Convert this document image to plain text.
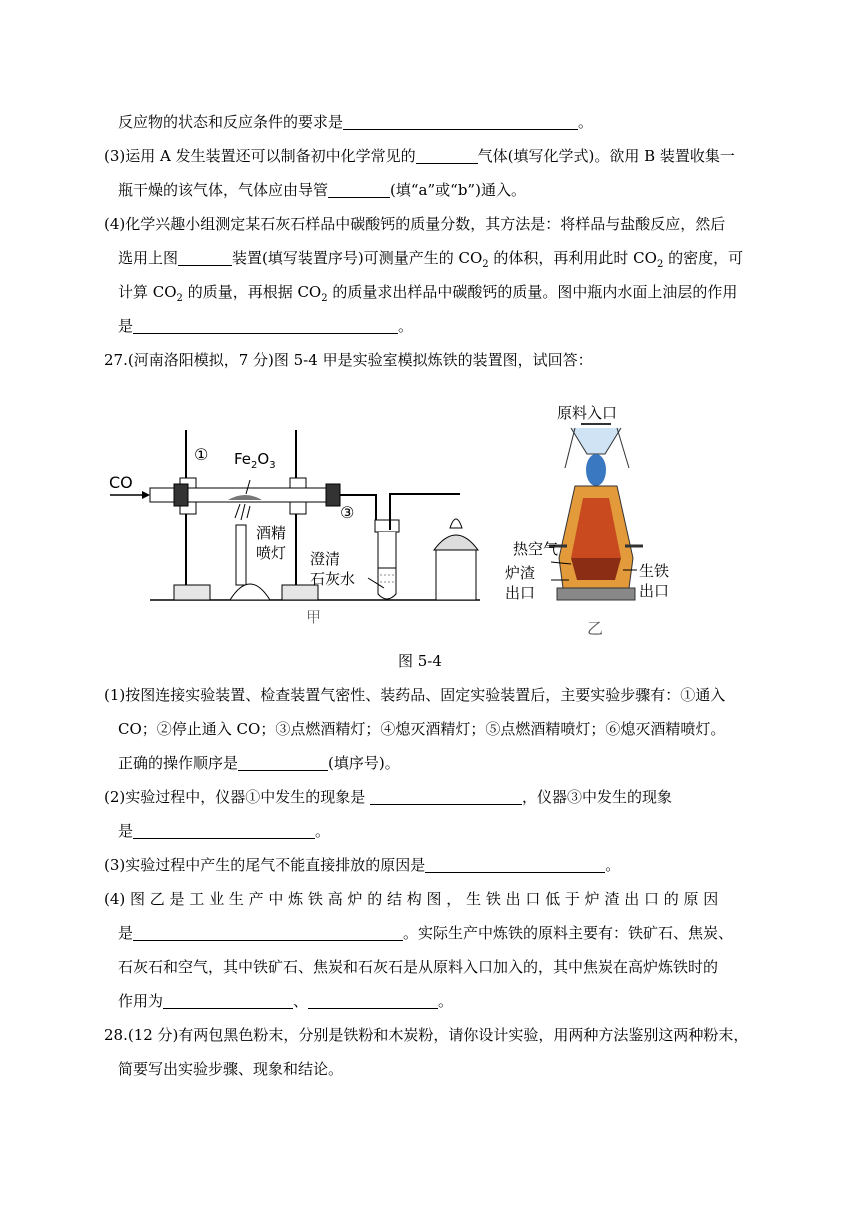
反应物的状态和反应条件的要求是	。
(3)运用 A 发生装置还可以制备初中化学常见的	气体(填写化学式)。欲用 B 装置收集一
瓶干燥的该气体，气体应由导管	(填“a”或“b”)通入。
(4)化学兴趣小组测定某石灰石样品中碳酸钙的质量分数，其方法是：将样品与盐酸反应，然后
选用上图	装置(填写装置序号)可测量产生的 $CO_2$ 的体积，再利用此时 $CO_2$ 的密度，可
计算 $CO_2$ 的质量，再根据 $CO_2$ 的质量求出样品中碳酸钙的质量。图中瓶内水面上油层的作用
是	。
27.(河南洛阳模拟，7 分)图 5-4 甲是实验室模拟炼铁的装置图，试回答：
CO
① $Fe_2O_3$
酒精
喷灯
③
澄清
石灰水
甲
原料入口
热空气
炉渣
出口
生铁
出口
乙
图 5-4
(1)按图连接实验装置、检查装置气密性、装药品、固定实验装置后，主要实验步骤有：①通入
CO；②停止通入 CO；③点燃酒精灯；④熄灭酒精灯；⑤点燃酒精喷灯；⑥熄灭酒精喷灯。
正确的操作顺序是	(填序号)。
(2)实验过程中，仪器①中发生的现象是	，仪器③中发生的现象
是	。
(3)实验过程中产生的尾气不能直接排放的原因是	。
(4) 图 乙 是 工 业 生 产 中 炼 铁 高 炉 的 结 构 图 ， 生 铁 出 口 低 于 炉 渣 出 口 的 原 因
是	。实际生产中炼铁的原料主要有：铁矿石、焦炭、
石灰石和空气，其中铁矿石、焦炭和石灰石是从原料入口加入的，其中焦炭在高炉炼铁时的
作用为	、	。
28.(12 分)有两包黑色粉末，分别是铁粉和木炭粉，请你设计实验，用两种方法鉴别这两种粉末，
简要写出实验步骤、现象和结论。
